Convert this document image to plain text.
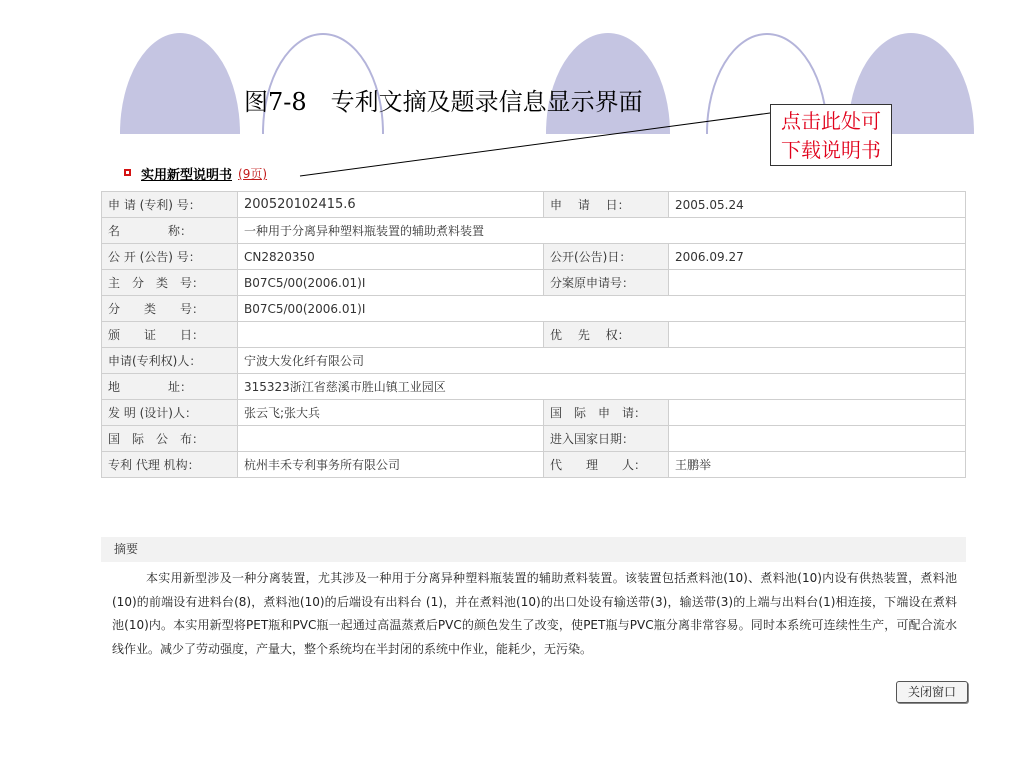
图7-8　专利文摘及题录信息显示界面
点击此处可
下载说明书
实用新型说明书 (9页)
申 请 (专利) 号：	200520102415.6	申　 请　 日：	2005.05.24
名　　　　称：	一种用于分离异种塑料瓶装置的辅助煮料装置		
公 开 (公告) 号：	CN2820350	公开(公告)日：	2006.09.27
主　分　类　号：	B07C5/00(2006.01)I	分案原申请号：	
分　　类　　号：	B07C5/00(2006.01)I		
颁　　证　　日：		优　 先　 权：	
申请(专利权)人：	宁波大发化纤有限公司		
地　　　　址：	315323浙江省慈溪市胜山镇工业园区		
发 明 (设计)人：	张云飞;张大兵	国　际　申　请：	
国　际　公　布：		进入国家日期：	
专利 代理 机构：	杭州丰禾专利事务所有限公司	代　　理　　人：	王鹏举
摘要
本实用新型涉及一种分离装置，尤其涉及一种用于分离异种塑料瓶装置的辅助煮料装置。该装置包括煮料池(10)、煮料池(10)内设有供热装置，煮料池(10)的前端设有进料台(8)，煮料池(10)的后端设有出料台 (1)，并在煮料池(10)的出口处设有输送带(3)，输送带(3)的上端与出料台(1)相连接，下端设在煮料池(10)内。本实用新型将PET瓶和PVC瓶一起通过高温蒸煮后PVC的颜色发生了改变，使PET瓶与PVC瓶分离非常容易。同时本系统可连续性生产，可配合流水线作业。减少了劳动强度，产量大，整个系统均在半封闭的系统中作业，能耗少，无污染。
关闭窗口
